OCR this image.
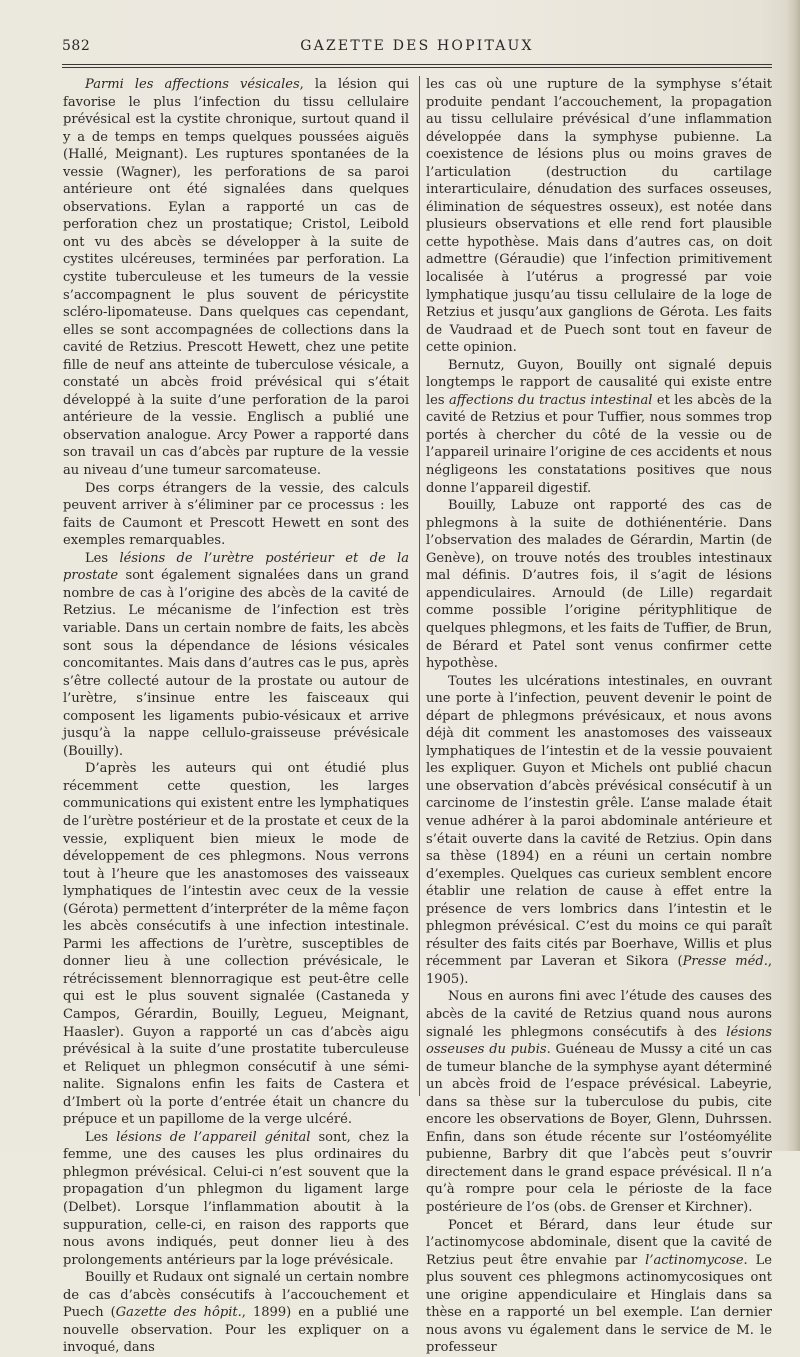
582	GAZETTE DES HOPITAUX

Parmi les affections vésicales, la lésion qui favorise le plus l’infection du tissu cellulaire prévésical est la cystite chronique, surtout quand il y a de temps en temps quelques poussées aiguës (Hallé, Meignant). Les ruptures spontanées de la vessie (Wagner), les perforations de sa paroi antérieure ont été signalées dans quelques observations. Eylan a rapporté un cas de perforation chez un prostatique; Cristol, Leibold ont vu des abcès se développer à la suite de cystites ulcéreuses, terminées par perforation. La cystite tuberculeuse et les tumeurs de la vessie s’accompagnent le plus souvent de péricystite scléro-lipomateuse. Dans quelques cas cependant, elles se sont accompagnées de collections dans la cavité de Retzius. Prescott Hewett, chez une petite fille de neuf ans atteinte de tuberculose vésicale, a constaté un abcès froid prévésical qui s’était développé à la suite d’une perforation de la paroi antérieure de la vessie. Englisch a publié une observation analogue. Arcy Power a rapporté dans son travail un cas d’abcès par rupture de la vessie au niveau d’une tumeur sarcomateuse.

Des corps étrangers de la vessie, des calculs peuvent arriver à s’éliminer par ce processus : les faits de Caumont et Prescott Hewett en sont des exemples remarquables.

Les lésions de l’urètre postérieur et de la prostate sont également signalées dans un grand nombre de cas à l’origine des abcès de la cavité de Retzius. Le mécanisme de l’infection est très variable. Dans un certain nombre de faits, les abcès sont sous la dépendance de lésions vésicales concomitantes. Mais dans d’autres cas le pus, après s’être collecté autour de la prostate ou autour de l’urètre, s’insinue entre les faisceaux qui composent les ligaments pubio-vésicaux et arrive jusqu’à la nappe cellulo-graisseuse prévésicale (Bouilly).

D’après les auteurs qui ont étudié plus récemment cette question, les larges communications qui existent entre les lymphatiques de l’urètre postérieur et de la prostate et ceux de la vessie, expliquent bien mieux le mode de développement de ces phlegmons. Nous verrons tout à l’heure que les anastomoses des vaisseaux lymphatiques de l’intestin avec ceux de la vessie (Gérota) permettent d’interpréter de la même façon les abcès consécutifs à une infection intestinale. Parmi les affections de l’urètre, susceptibles de donner lieu à une collection prévésicale, le rétrécissement blennorragique est peut-être celle qui est le plus souvent signalée (Castaneda y Campos, Gérardin, Bouilly, Legueu, Meignant, Haasler). Guyon a rapporté un cas d’abcès aigu prévésical à la suite d’une prostatite tuberculeuse et Reliquet un phlegmon consécutif à une sémi-nalite. Signalons enfin les faits de Castera et d’Imbert où la porte d’entrée était un chancre du prépuce et un papillome de la verge ulcéré.

Les lésions de l’appareil génital sont, chez la femme, une des causes les plus ordinaires du phlegmon prévésical. Celui-ci n’est souvent que la propagation d’un phlegmon du ligament large (Delbet). Lorsque l’inflammation aboutit à la suppuration, celle-ci, en raison des rapports que nous avons indiqués, peut donner lieu à des prolongements antérieurs par la loge prévésicale.

Bouilly et Rudaux ont signalé un certain nombre de cas d’abcès consécutifs à l’accouchement et Puech (Gazette des hôpit., 1899) en a publié une nouvelle observation. Pour les expliquer on a invoqué, dans

les cas où une rupture de la symphyse s’était produite pendant l’accouchement, la propagation au tissu cellulaire prévésical d’une inflammation développée dans la symphyse pubienne. La coexistence de lésions plus ou moins graves de l’articulation (destruction du cartilage interarticulaire, dénudation des surfaces osseuses, élimination de séquestres osseux), est notée dans plusieurs observations et elle rend fort plausible cette hypothèse. Mais dans d’autres cas, on doit admettre (Géraudie) que l’infection primitivement localisée à l’utérus a progressé par voie lymphatique jusqu’au tissu cellulaire de la loge de Retzius et jusqu’aux ganglions de Gérota. Les faits de Vaudraad et de Puech sont tout en faveur de cette opinion.

Bernutz, Guyon, Bouilly ont signalé depuis longtemps le rapport de causalité qui existe entre les affections du tractus intestinal et les abcès de la cavité de Retzius et pour Tuffier, nous sommes trop portés à chercher du côté de la vessie ou de l’appareil urinaire l’origine de ces accidents et nous négligeons les constatations positives que nous donne l’appareil digestif.

Bouilly, Labuze ont rapporté des cas de phlegmons à la suite de dothiénentérie. Dans l’observation des malades de Gérardin, Martin (de Genève), on trouve notés des troubles intestinaux mal définis. D’autres fois, il s’agit de lésions appendiculaires. Arnould (de Lille) regardait comme possible l’origine pérityphlitique de quelques phlegmons, et les faits de Tuffier, de Brun, de Bérard et Patel sont venus confirmer cette hypothèse.

Toutes les ulcérations intestinales, en ouvrant une porte à l’infection, peuvent devenir le point de départ de phlegmons prévésicaux, et nous avons déjà dit comment les anastomoses des vaisseaux lymphatiques de l’intestin et de la vessie pouvaient les expliquer. Guyon et Michels ont publié chacun une observation d’abcès prévésical consécutif à un carcinome de l’instestin grêle. L’anse malade était venue adhérer à la paroi abdominale antérieure et s’était ouverte dans la cavité de Retzius. Opin dans sa thèse (1894) en a réuni un certain nombre d’exemples. Quelques cas curieux semblent encore établir une relation de cause à effet entre la présence de vers lombrics dans l’intestin et le phlegmon prévésical. C’est du moins ce qui paraît résulter des faits cités par Boerhave, Willis et plus récemment par Laveran et Sikora (Presse méd., 1905).

Nous en aurons fini avec l’étude des causes des abcès de la cavité de Retzius quand nous aurons signalé les phlegmons consécutifs à des lésions osseuses du pubis. Guéneau de Mussy a cité un cas de tumeur blanche de la symphyse ayant déterminé un abcès froid de l’espace prévésical. Labeyrie, dans sa thèse sur la tuberculose du pubis, cite encore les observations de Boyer, Glenn, Duhrssen. Enfin, dans son étude récente sur l’ostéomyélite pubienne, Barbry dit que l’abcès peut s’ouvrir directement dans le grand espace prévésical. Il n’a qu’à rompre pour cela le périoste de la face postérieure de l’os (obs. de Grenser et Kirchner).

Poncet et Bérard, dans leur étude sur l’actinomycose abdominale, disent que la cavité de Retzius peut être envahie par l’actinomycose. Le plus souvent ces phlegmons actinomycosiques ont une origine appendiculaire et Hinglais dans sa thèse en a rapporté un bel exemple. L’an dernier nous avons vu également dans le service de M. le professeur
